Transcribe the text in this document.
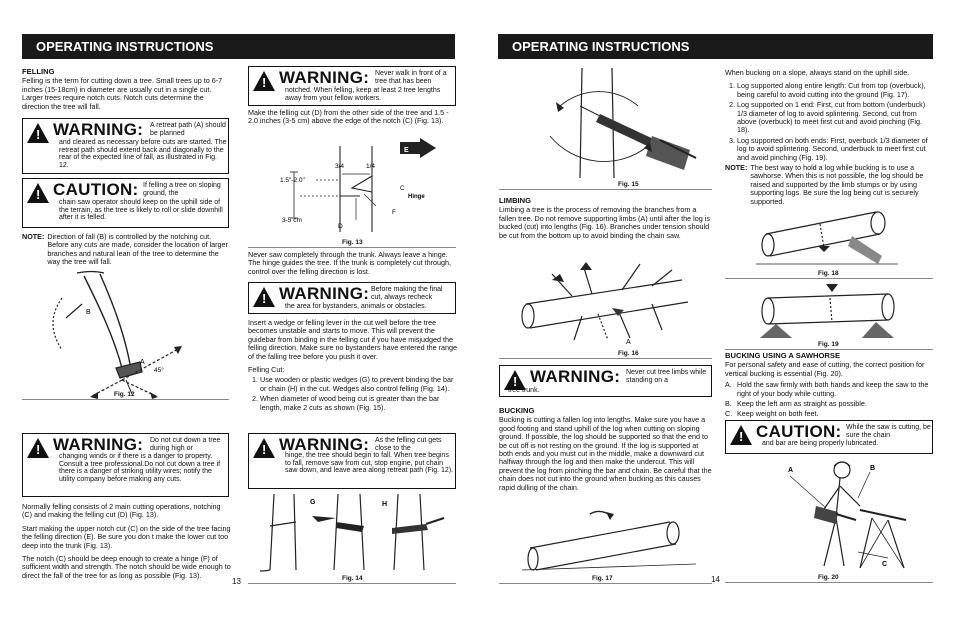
OPERATING INSTRUCTIONS	OPERATING INSTRUCTIONS
FELLING

Felling is the term for cutting down a tree. Small trees up to 6-7 inches (15-18cm) in diameter are usually cut in a single cut. Larger trees require notch cuts. Notch cuts determine the direction the tree will fall.

!
WARNING: A retreat path (A) should be planned
and cleared as necessary before cuts are started. The retreat path should extend back and diagonally to the rear of the expected line of fall, as illustrated in Fig. 12.
!
CAUTION: If felling a tree on sloping ground, the
chain saw operator should keep on the uphill side of the terrain, as the tree is likely to roll or slide downhill after it is felled.
NOTE: Direction of fall (B) is controlled by the notching cut. Before any cuts are made, consider the location of larger branches and natural lean of the tree to determine the way the tree will fall.
B
A
45°
Fig. 12
!
WARNING: Do not cut down a tree during high or
changing winds or if there is a danger to property. Consult a tree professional.Do not cut down a tree if there is a danger of striking utility wires; notify the utility company before making any cuts.

Normally felling consists of 2 main cutting operations, notching (C) and making the felling cut (D) (Fig. 13).

Start making the upper notch cut (C) on the side of the tree facing the felling direction (E). Be sure you don t make the lower cut too deep into the trunk (Fig. 13).

The notch (C) should be deep enough to create a hinge (F) of sufficient width and strength. The notch should be wide enough to direct the fall of the tree for as long as possible (Fig. 13).

13
!
WARNING: Never walk in front of a tree that has been
notched. When felling, keep at least 2 tree lengths away from your fellow workers.

Make the felling cut (D) from the other side of the tree and 1.5 - 2.0 inches (3-5 cm) above the edge of the notch (C) (Fig. 13).

E
3/4	1/4
1.5"-2.0"
3-5 cm
C
Hinge
F
D
Fig. 13

Never saw completely through the trunk. Always leave a hinge. The hinge guides the tree. If the trunk is completely cut through, control over the felling direction is lost.

!
WARNING: Before making the final cut, always recheck
the area for bystanders, animals or obstacles.

Insert a wedge or felling lever in the cut well before the tree becomes unstable and starts to move. This will prevent the guidebar from binding in the felling cut if you have misjudged the felling direction. Make sure no bystanders have entered the range of the falling tree before you push it over.

Felling Cut:

1. Use wooden or plastic wedges (G) to prevent binding the bar or chain (H) in the cut. Wedges also control felling (Fig. 14).
2. When diameter of wood being cut is greater than the bar length, make 2 cuts as shown (Fig. 15).
!
WARNING: As the felling cut gets close to the
hinge, the tree should begin to fall. When tree begins to fall, remove saw from cut, stop engine, put chain saw down, and leave area along retreat path (Fig. 12).
G	H
Fig. 14
Fig. 15
LIMBING

Limbing a tree is the process of removing the branches from a fallen tree. Do not remove supporting limbs (A) until after the log is bucked (cut) into lengths (Fig. 16). Branches under tension should be cut from the bottom up to avoid binding the chain saw.

A
Fig. 16
!
WARNING: Never cut tree limbs while standing on a
tree trunk.
BUCKING

Bucking is cutting a fallen log into lengths. Make sure you have a good footing and stand uphill of the log when cutting on sloping ground. If possible, the log should be supported so that the end to be cut off is not resting on the ground. If the log is supported at both ends and you must cut in the middle, make a downward cut halfway through the log and then make the undercut. This will prevent the log from pinching the bar and chain. Be careful that the chain does not cut into the ground when bucking as this causes rapid dulling of the chain.

Fig. 17

When bucking on a slope, always stand on the uphill side.

1. Log supported along entire length: Cut from top (overbuck), being careful to avoid cutting into the ground (Fig. 17).
2. Log supported on 1 end: First, cut from bottom (underbuck) 1/3 diameter of log to avoid splintering. Second, cut from above (overbuck) to meet first cut and avoid pinching (Fig. 18).
3. Log supported on both ends: First, overbuck 1/3 diameter of log to avoid splintering. Second, underbuck to meet first cut and avoid pinching (Fig. 19).
NOTE: The best way to hold a log while bucking is to use a sawhorse. When this is not possible, the log should be raised and supported by the limb stumps or by using supporting logs. Be sure the log being cut is securely supported.
Fig. 18
Fig. 19
BUCKING USING A SAWHORSE

For personal safety and ease of cutting, the correct position for vertical bucking is essential (Fig. 20).

A. Hold the saw firmly with both hands and keep the saw to the right of your body while cutting.
B. Keep the left arm as straight as possible.
C. Keep weight on both feet.
!
CAUTION: While the saw is cutting, be sure the chain
and bar are being properly lubricated.
A	B
C
Fig. 20
14
